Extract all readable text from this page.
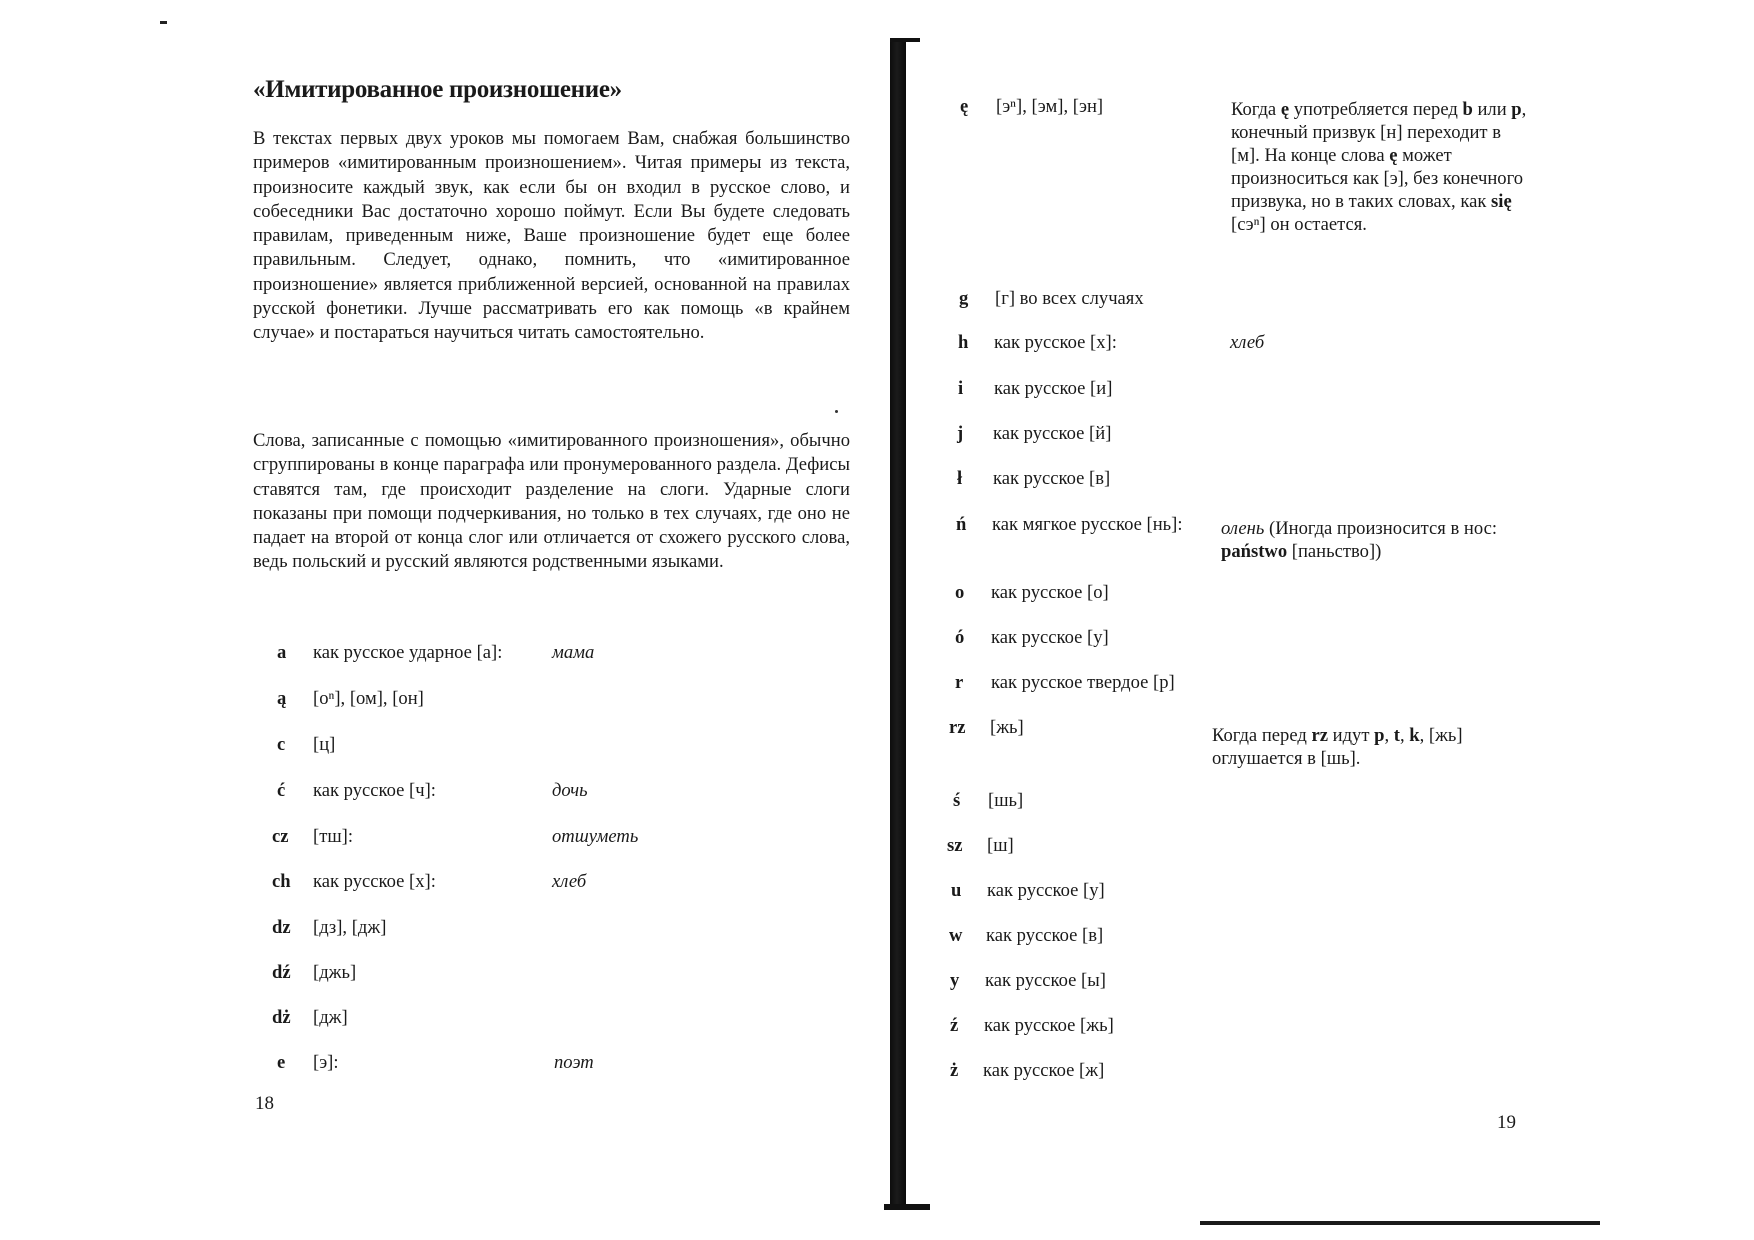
«Имитированное произношение»
В текстах первых двух уроков мы помогаем Вам, снабжая большинство примеров «имитированным произношением». Читая примеры из текста, произносите каждый звук, как если бы он входил в русское слово, и собеседники Вас достаточно хорошо поймут. Если Вы будете следовать правилам, приведенным ниже, Ваше произношение будет еще более правильным. Следует, однако, помнить, что «имитированное произношение» является приближенной версией, основанной на правилах русской фонетики. Лучше рассматривать его как помощь «в крайнем случае» и постараться научиться читать самостоятельно.
Слова, записанные с помощью «имитированного произношения», обычно сгруппированы в конце параграфа или пронумерованного раздела. Дефисы ставятся там, где происходит разделение на слоги. Ударные слоги показаны при помощи подчеркивания, но только в тех случаях, где оно не падает на второй от конца слог или отличается от схожего русского слова, ведь польский и русский являются родственными языками.
a как русское ударное [а]:	мама
ą [оⁿ], [ом], [он]
c [ц]
ć как русское [ч]:	дочь
cz [тш]:	отшуметь
ch как русское [х]:	хлеб
dz [дз], [дж]
dź [джь]
dż [дж]
e [э]:	поэт
18
ę [эⁿ], [эм], [эн]	Когда ę употребляется перед b или p, конечный призвук [н] переходит в [м]. На конце слова ę может произноситься как [э], без конечного призвука, но в таких словах, как się [сэⁿ] он остается.
g [г] во всех случаях
h как русское [х]:	хлеб
i как русское [и]
j как русское [й]
ł как русское [в]
ń как мягкое русское [нь]: олень (Иногда произносится в нос: państwo [паньство])
o как русское [о]
ó как русское [у]
r как русское твердое [р]
rz [жь]	Когда перед rz идут p, t, k, [жь] оглушается в [шь].
ś [шь]
sz [ш]
u как русское [у]
w как русское [в]
y как русское [ы]
ź как русское [жь]
ż как русское [ж]
19
